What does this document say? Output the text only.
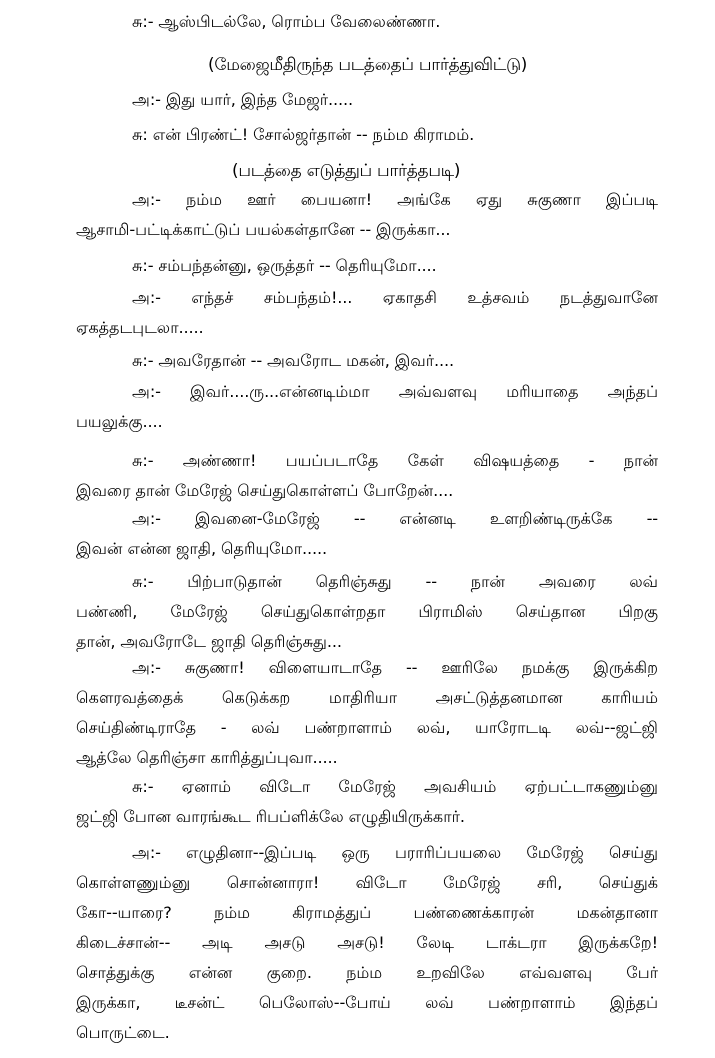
சு:- ஆஸ்பிடல்லே, ரொம்ப வேலைண்ணா.
(மேஜைமீதிருந்த படத்தைப் பார்த்துவிட்டு)
அ:- இது யார், இந்த மேஜர்.....
சு: என் பிரண்ட்! சோல்ஜர்தான் -- நம்ம கிராமம்.
(படத்தை எடுத்துப் பார்த்தபடி)
அ:- நம்ம ஊர் பையனா! அங்கே ஏது சுகுணா இப்படி
ஆசாமி-பட்டிக்காட்டுப் பயல்கள்தானே -- இருக்கா...
சு:- சம்பந்தன்னு, ஒருத்தர் -- தெரியுமோ....
அ:- எந்தச் சம்பந்தம்!... ஏகாதசி உத்சவம் நடத்துவானே
ஏகத்தடபுடலா.....
சு:- அவரேதான் -- அவரோட மகன், இவர்....
அ:- இவர்....ரு...என்னடிம்மா அவ்வளவு மரியாதை அந்தப்
பயலுக்கு....
சு:- அண்ணா! பயப்படாதே கேள் விஷயத்தை - நான்
இவரை தான் மேரேஜ் செய்துகொள்ளப் போறேன்....
அ:- இவனை-மேரேஜ் -- என்னடி உளறிண்டிருக்கே --
இவன் என்ன ஜாதி, தெரியுமோ.....
சு:- பிற்பாடுதான் தெரிஞ்சுது -- நான் அவரை லவ்
பண்ணி, மேரேஜ் செய்துகொள்றதா பிராமிஸ் செய்தான பிறகு
தான், அவரோடே ஜாதி தெரிஞ்சுது...
அ:- சுகுணா! விளையாடாதே -- ஊரிலே நமக்கு இருக்கிற
கௌரவத்தைக் கெடுக்கற மாதிரியா அசட்டுத்தனமான காரியம்
செய்திண்டிராதே - லவ் பண்றாளாம் லவ், யாரோடடி லவ்--ஜட்ஜி
ஆத்லே தெரிஞ்சா காரித்துப்புவா.....
சு:- ஏனாம் விடோ மேரேஜ் அவசியம் ஏற்பட்டாகணும்னு
ஜட்ஜி போன வாரங்கூட ரிபப்ளிக்லே எழுதியிருக்கார்.
அ:- எழுதினா--இப்படி ஒரு பராரிப்பயலை மேரேஜ் செய்து
கொள்ளணும்னு சொன்னாரா! விடோ மேரேஜ் சரி, செய்துக்
கோ--யாரை? நம்ம கிராமத்துப் பண்ணைக்காரன் மகன்தானா
கிடைச்சான்-- அடி அசடு அசடு! லேடி டாக்டரா இருக்கறே!
சொத்துக்கு என்ன குறை. நம்ம உறவிலே எவ்வளவு பேர்
இருக்கா, டீசன்ட் பெலோஸ்--போய் லவ் பண்றாளாம் இந்தப்
பொருட்டை.
